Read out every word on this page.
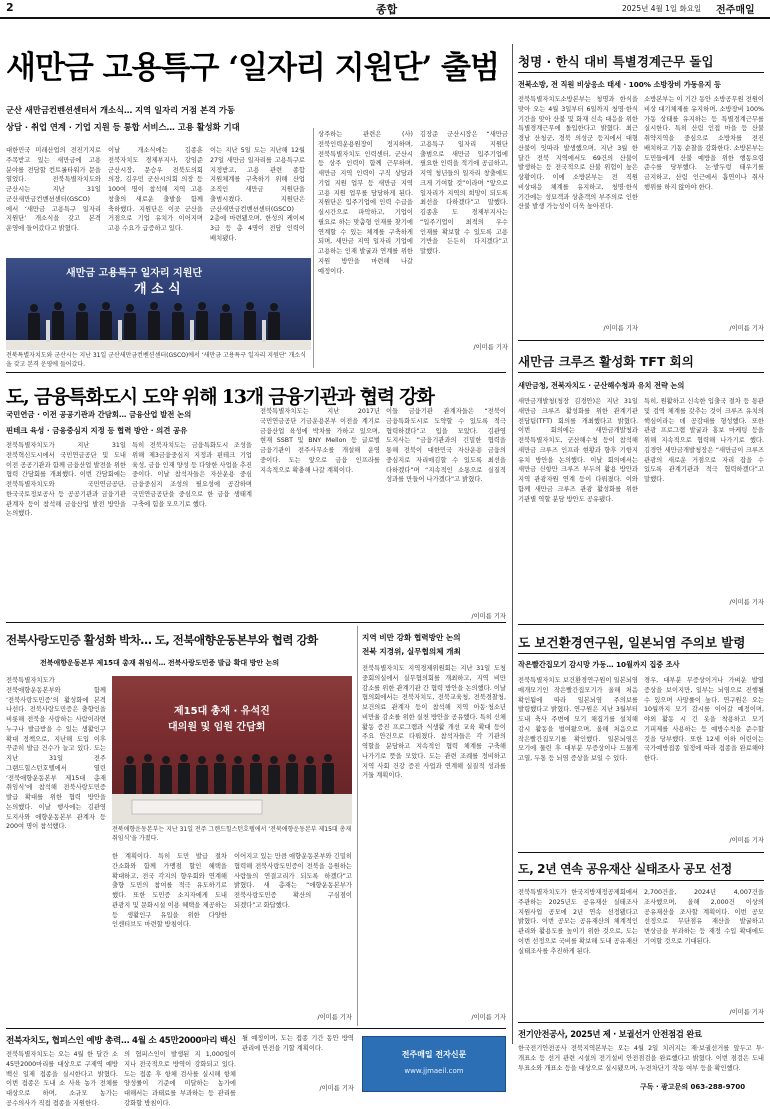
2	종합	2025년 4월 1일 화요일 전주매일
새만금 고용특구 ‘일자리 지원단’ 출범
군산 새만금컨벤션센터서 개소식… 지역 일자리 거점 본격 가동
상담 · 취업 연계 · 기업 지원 등 통합 서비스… 고용 활성화 기대
대한민국 미래산업의 전진기지로 주목받고 있는 새만금에 고용 분야를 전담할 컨트롤타워가 문을 열었다. 전북특별자치도와 군산시는 지난 31일 군산새만금컨벤션센터(GSCO)에서 ‘새만금 고용특구 일자리 지원단’ 개소식을 갖고 본격 운영에 들어갔다고 밝혔다.
이날 개소식에는 김종훈 전북자치도 경제부지사, 강임준 군산시장, 문승우 전북도의회 의장, 김우민 군산시의회 의장 등 100여 명이 참석해 지역 고용 창출의 새로운 출발을 함께 축하했다. 지원단은 이곳 군산을 거점으로 기업 유치가 이어지며 고용 수요가 급증하고 있다.
이는 지난 5일 도는 지난해 12월 27일 새만금 일자리를 고용특구로 지정받고, 고용 관련 종합 지원체계를 구축하기 위해 산업 조직인 새만금 지원단을 출범시켰다. 지원단은 군산새만금컨벤션센터(GSCO) 2층에 마련됐으며, 한성의 케이씨 3급 등 총 4명이 전담 인력이 배치됐다.
상주하는 관련은 (사)전북인력운용원장이 정지하며, 전북특별자치도 인력센터, 군산시 등 상주 인력이 함께 근무하며, 새만금 지역 인력이 구직 상담과 기업 지원 업무 등 새만금 지역 고용 지원 업무를 담당하게 된다. 지원단은 입주기업에 인력 수급을 실시간으로 파악하고, 기업이 필요로 하는 맞춤형 인재를 찾기에 연계할 수 있는 체계를 구축하게 되며, 새만금 지역 일자리 기업에 고용하는 인재 발굴과 연계를 위한 지원 방안을 마련해 나갈 예정이다.
김장준 군산시장은 “새만금 고용특구 일자리 지원단 출범으로 새만금 입주기업에 필요한 인력을 적기에 공급하고, 지역 청년들의 일자리 창출에도 크게 기여할 것”이라며 “앞으로 일자리가 지역의 희망이 되도록 최선을 다하겠다”고 말했다. 김종훈 도 경제부지사는 “입주기업이 최적의 우수 인재를 확보할 수 있도록 고용 기반을 든든히 다지겠다”고 말했다.
/이미름 기자
새만금 고용특구 일자리 지원단
개 소 식
전북특별자치도와 군산시는 지난 31일 군산새만금컨벤션센터(GSCO)에서 ‘새만금 고용특구 일자리 지원단’ 개소식을 갖고 본격 운영에 들어갔다.
청명 · 한식 대비 특별경계근무 돌입
전북소방, 전 직원 비상응소 태세 · 100% 소방장비 가동유지 등
전북특별자치도소방본부는 청명과 한식을 맞아 오는 4월 3일부터 6일까지 청명·한식 기간을 맞아 산불 및 화재 신속 대응을 위한 특별경계근무에 돌입한다고 밝혔다. 최근 경남 산청군, 경북 의성군 등지에서 대형 산불이 잇따라 발생했으며, 지난 3월 한 달간 전북 지역에서도 69건의 산불이 발생하는 등 전국적으로 산불 위험이 높은 상황이다. 이에 소방본부는 전 직원 비상대응 체계를 유지하고, 청명·한식 기간에는 성묘객과 상춘객의 부주의로 인한 산불 발생 가능성이 더욱 높아진다.
/이미름 기자
소방본부는 이 기간 동안 소방공무원 전원이 비상 대기체제를 유지하며, 소방장비 100% 가동 상태를 유지하는 등 특별경계근무를 실시한다. 특히 산림 인접 마을 등 산불 취약지역을 중심으로 소방차를 전진 배치하고 기동 순찰을 강화한다. 소방본부는 도민들에게 산불 예방을 위한 행동요령 준수를 당부했다. 논·밭두렁 태우기를 금지하고, 산림 인근에서 흡연이나 취사 행위를 하지 않아야 한다.
/이미름 기자
새만금 크루즈 활성화 TFT 회의
새만금청, 전북자치도 · 군산해수청과 유치 전략 논의
새만금개발청(청장 김경안)은 지난 31일 새만금 크루즈 활성화를 위한 관계기관 전담팀(TFT) 회의를 개최했다고 밝혔다. 이번 회의에는 새만금개발청과 전북특별자치도, 군산해수청 등이 참석해 새만금 크루즈 인프라 현황과 향후 기항지 유치 방안을 논의했다. 이날 회의에서는 새만금 신항만 크루즈 부두의 활용 방안과 지역 관광자원 연계 등이 다뤄졌다. 이와 함께 새만금 크루즈 관광 활성화를 위한 기관별 역할 분담 방안도 공유됐다.
특히, 원활하고 신속한 입출국 절차 등 통관 및 검역 체계를 갖추는 것이 크루즈 유치의 핵심이라는 데 공감대를 형성했다. 또한 관광 프로그램 발굴과 홍보 마케팅 등을 위해 지속적으로 협력해 나가기로 했다. 김경안 새만금개발청장은 “새만금이 크루즈 관광의 새로운 거점으로 자리 잡을 수 있도록 관계기관과 적극 협력하겠다”고 말했다.
/이미름 기자
도, 금융특화도시 도약 위해 13개 금융기관과 협력 강화
국민연금 · 이전 공공기관과 간담회… 금융산업 발전 논의
핀테크 육성 · 금융중심지 지정 등 협력 방안 · 의견 공유
전북특별자치도가 지난 31일 전북혁신도시에서 국민연금공단 및 도내 이전 공공기관과 함께 금융산업 발전을 위한 협력 간담회를 개최했다. 이번 간담회에는 전북특별자치도와 국민연금공단, 한국국토정보공사 등 공공기관과 금융기관 관계자 등이 참석해 금융산업 발전 방안을 논의했다.
특히 전북자치도는 금융특화도시 조성을 위해 제3금융중심지 지정과 핀테크 기업 육성, 금융 인재 양성 등 다양한 사업을 추진 중이다. 이날 참석자들은 자산운용 중심 금융중심지 조성의 필요성에 공감하며 국민연금공단을 중심으로 한 금융 생태계 구축에 힘을 모으기로 했다.
전북특별자치도는 지난 2017년 국민연금공단 기금운용본부 이전을 계기로 금융산업 육성에 박차를 가하고 있으며, 현재 SSBT 및 BNY Mellon 등 글로벌 금융기관이 전주사무소를 개설해 운영 중이다. 도는 앞으로 금융 인프라를 지속적으로 확충해 나갈 계획이다.
이들 금융기관 관계자들은 “전북이 금융특화도시로 도약할 수 있도록 적극 협력하겠다”고 입을 모았다. 김관영 도지사는 “금융기관과의 긴밀한 협력을 통해 전북이 대한민국 자산운용 금융의 중심지로 자리매김할 수 있도록 최선을 다하겠다”며 “지속적인 소통으로 실질적 성과를 만들어 나가겠다”고 밝혔다.
/이미름 기자
전북사랑도민증 활성화 박차… 도, 전북애향운동본부와 협력 강화
전북애향운동본부 제15대 총재 취임식… 전북사랑도민증 발급 확대 방안 논의
전북특별자치도가 전북애향운동본부와 함께 ‘전북사랑도민증’의 활성화에 본격 나선다. 전북사랑도민증은 출향인을 비롯해 전북을 사랑하는 사람이라면 누구나 발급받을 수 있는 생활인구 확대 정책으로, 지난해 도입 이후 꾸준히 발급 건수가 늘고 있다. 도는 지난 31일 전주 그랜드힐스턴호텔에서 열린 ‘전북애향운동본부 제15대 총재 취임식’에 참석해 전북사랑도민증 발급 확대를 위한 협력 방안을 논의했다. 이날 행사에는 김관영 도지사와 애향운동본부 관계자 등 200여 명이 참석했다.
제15대 총재 · 유석진
대의원 및 임원 간담회
전북애향운동본부는 지난 31일 전주 그랜드힐스턴호텔에서 ‘전북애향운동본부 제15대 총재 취임식’을 가졌다.
한 계획이다. 특히 도민 발급 절차 간소화와 함께 가맹점 할인 혜택을 확대하고, 전국 각지의 향우회와 연계해 출향 도민의 참여를 적극 유도하기로 했다. 또한 도민증 소지자에게 도내 관광지 및 문화시설 이용 혜택을 제공하는 등 생활인구 유입을 위한 다양한 인센티브도 마련할 방침이다.
이어지고 있는 만큼 애향운동본부와 긴밀히 협력해 전북사랑도민증이 전북을 응원하는 사람들의 연결고리가 되도록 하겠다”고 밝혔다. 새 총재는 “애향운동본부가 전북사랑도민증 확산의 구심점이 되겠다”고 화답했다.
/이미름 기자
지역 비만 강화 협력방안 논의
전북 지경위, 실무협의체 개최
전북특별자치도 지역경제위원회는 지난 31일 도청 중회의실에서 실무협의회를 개최하고, 지역 비만 감소를 위한 관계기관 간 협력 방안을 논의했다. 이날 협의회에서는 전북자치도, 전북교육청, 전북경찰청, 보건의료 관계자 등이 참석해 지역 아동·청소년 비만율 감소를 위한 실천 방안을 공유했다. 특히 신체 활동 증진 프로그램과 식생활 개선 교육 확대 등이 주요 안건으로 다뤄졌다. 참석자들은 각 기관의 역할을 분담하고 지속적인 협력 체계를 구축해 나가기로 뜻을 모았다. 도는 관련 조례를 정비하고 지역 사회 건강 증진 사업과 연계해 실질적 성과를 거둘 계획이다.
/이미름 기자
도 보건환경연구원, 일본뇌염 주의보 발령
작은빨간집모기 감시망 가동… 10월까지 집중 조사
전북특별자치도 보건환경연구원이 일본뇌염 매개모기인 작은빨간집모기가 올해 처음 확인됨에 따라 일본뇌염 주의보를 발령했다고 밝혔다. 연구원은 지난 3월부터 도내 축사 주변에 모기 채집기를 설치해 감시 활동을 벌여왔으며, 올해 처음으로 작은빨간집모기를 확인했다. 일본뇌염은 모기에 물린 후 대부분 무증상이나 드물게 고열, 두통 등 뇌염 증상을 보일 수 있다.
경우, 대부분 무증상이거나 가벼운 발열 증상을 보이지만, 일부는 뇌염으로 진행될 수 있으며 사망률이 높다. 연구원은 오는 10월까지 모기 감시를 이어갈 예정이며, 야외 활동 시 긴 옷을 착용하고 모기 기피제를 사용하는 등 예방수칙을 준수할 것을 당부했다. 또한 12세 이하 어린이는 국가예방접종 일정에 따라 접종을 완료해야 한다.
/이미름 기자
도, 2년 연속 공유재산 실태조사 공모 선정
전북특별자치도가 한국지방재정공제회에서 주관하는 2025년도 공유재산 실태조사 지원사업 공모에 2년 연속 선정됐다고 밝혔다. 이번 공모는 공유재산의 체계적인 관리와 활용도를 높이기 위한 것으로, 도는 이번 선정으로 국비를 확보해 도내 공유재산 실태조사를 추진하게 된다.
2,700건을, 2024년 4,007건을 조사했으며, 올해 2,000건 이상의 공유재산을 조사할 계획이다. 이번 공모 선정으로 무단점유 재산을 발굴하고 변상금을 부과하는 등 재정 수입 확대에도 기여할 것으로 기대된다.
/이미름 기자
전북자치도, 협피스인 예방 총력… 4월 소 45만2000마리 백신
전북특별자치도는 오는 4월 한 달간 소 45만2000마리를 대상으로 구제역 예방 백신 일제 접종을 실시한다고 밝혔다. 이번 접종은 도내 소 사육 농가 전체를 대상으로 하며, 소규모 농가는 공수의사가 직접 접종을 지원한다.
의 협피스인이 발생된 지 1,000일이 지나 전국적으로 방역이 강화되고 있다. 도는 접종 후 항체 검사를 실시해 항체 양성률이 기준에 미달하는 농가에 대해서는 과태료를 부과하는 등 관리를 강화할 방침이다.
될 예정이며, 도는 접종 기간 동안 방역 관리에 만전을 기할 계획이다.
/이미름 기자
전주매일 전자신문
www.jjmaeil.com
전기안전공사, 2025년 제 · 보궐선거 안전점검 완료
한국전기안전공사 전북지역본부는 오는 4월 2일 치러지는 재·보궐선거를 앞두고 투·개표소 등 선거 관련 시설의 전기설비 안전점검을 완료했다고 밝혔다. 이번 점검은 도내 투표소와 개표소 등을 대상으로 실시됐으며, 누전차단기 작동 여부 등을 확인했다.
구독 · 광고문의 063-288-9700
